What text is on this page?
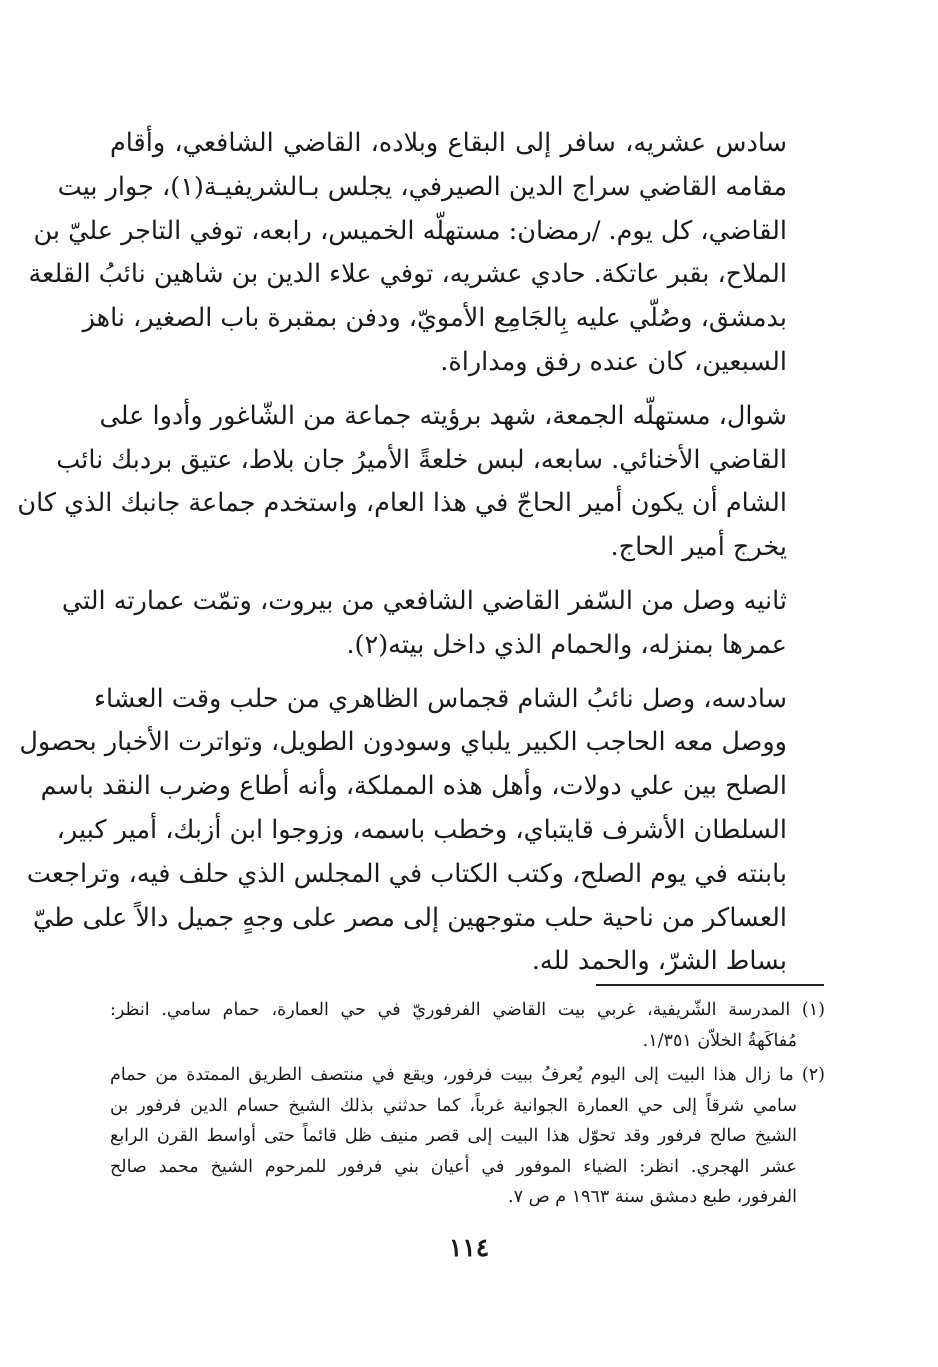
سادس عشريه، سافر إلى البقاع وبلاده، القاضي الشافعي، وأقام
مقامه القاضي سراج الدين الصيرفي، يجلس بـالشريفيـة(١)، جوار بيت
القاضي، كل يوم. /رمضان: مستهلّه الخميس، رابعه، توفي التاجر عليّ بن
الملاح، بقبر عاتكة. حادي عشريه، توفي علاء الدين بن شاهين نائبُ القلعة
بدمشق، وصُلّي عليه بِالجَامِع الأمويّ، ودفن بمقبرة باب الصغير، ناهز
السبعين، كان عنده رفق ومداراة.

شوال، مستهلّه الجمعة، شهد برؤيته جماعة من الشّاغور وأدوا على
القاضي الأخنائي. سابعه، لبس خلعةً الأميرُ جان بلاط، عتيق بردبك نائب
الشام أن يكون أمير الحاجّ في هذا العام، واستخدم جماعة جانبك الذي كان
يخرج أمير الحاج.

ثانيه وصل من السّفر القاضي الشافعي من بيروت، وتمّت عمارته التي
عمرها بمنزله، والحمام الذي داخل بيته(٢).

سادسه، وصل نائبُ الشام قجماس الظاهري من حلب وقت العشاء
ووصل معه الحاجب الكبير يلباي وسودون الطويل، وتواترت الأخبار بحصول
الصلح بين علي دولات، وأهل هذه المملكة، وأنه أطاع وضرب النقد باسم
السلطان الأشرف قايتباي، وخطب باسمه، وزوجوا ابن أزبك، أمير كبير،
بابنته في يوم الصلح، وكتب الكتاب في المجلس الذي حلف فيه، وتراجعت
العساكر من ناحية حلب متوجهين إلى مصر على وجهٍ جميل دالاً على طيّ
بساط الشرّ، والحمد لله.

(١) المدرسة الشّريفية، غربي بيت القاضي الفرفوريّ في حي العمارة، حمام سامي. انظر:
مُفاكَهةُ الخلاّن ١/٣٥١.
(٢) ما زال هذا البيت إلى اليوم يُعرفُ ببيت فرفور، ويقع في منتصف الطريق الممتدة من حمام
سامي شرقاً إلى حي العمارة الجوانية غرباً، كما حدثني بذلك الشيخ حسام الدين فرفور بن
الشيخ صالح فرفور وقد تحوّل هذا البيت إلى قصر منيف ظل قائماً حتى أواسط القرن الرابع
عشر الهجري. انظر: الضياء الموفور في أعيان بني فرفور للمرحوم الشيخ محمد صالح
الفرفور، طبع دمشق سنة ١٩٦٣ م ص ٧.
١١٤
